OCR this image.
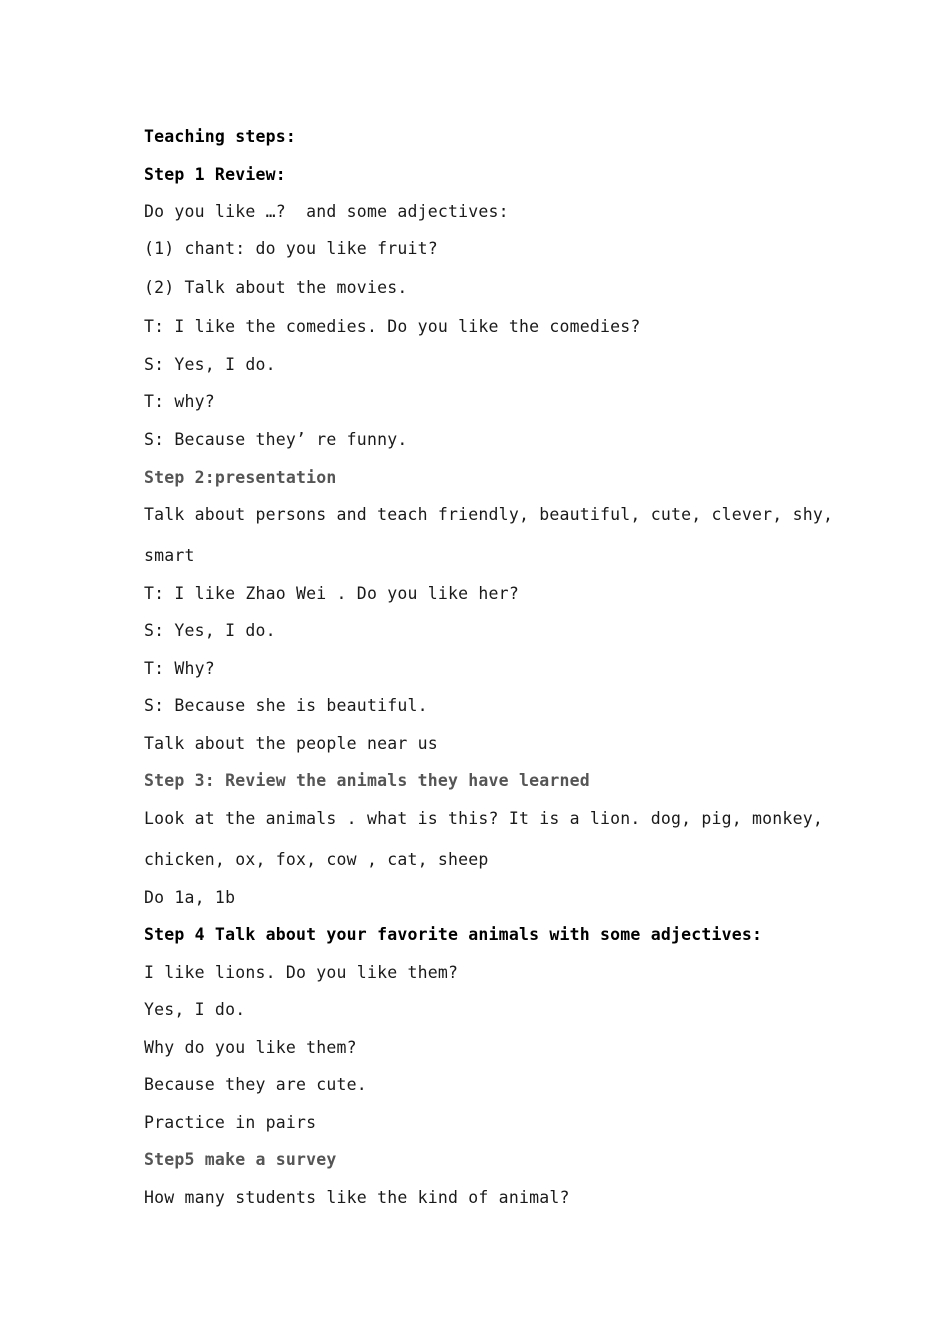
Teaching steps:
Step 1 Review:
Do you like …?  and some adjectives:
(1) chant: do you like fruit?
(2) Talk about the movies.
T: I like the comedies. Do you like the comedies?
S: Yes, I do.
T: why?
S: Because they’ re funny.
Step 2:presentation
Talk about persons and teach friendly, beautiful, cute, clever, shy,
smart
T: I like Zhao Wei . Do you like her?
S: Yes, I do.
T: Why?
S: Because she is beautiful.
Talk about the people near us
Step 3: Review the animals they have learned
Look at the animals . what is this? It is a lion. dog, pig, monkey,
chicken, ox, fox, cow , cat, sheep
Do 1a, 1b
Step 4 Talk about your favorite animals with some adjectives:
I like lions. Do you like them?
Yes, I do.
Why do you like them?
Because they are cute.
Practice in pairs
Step5 make a survey
How many students like the kind of animal?
